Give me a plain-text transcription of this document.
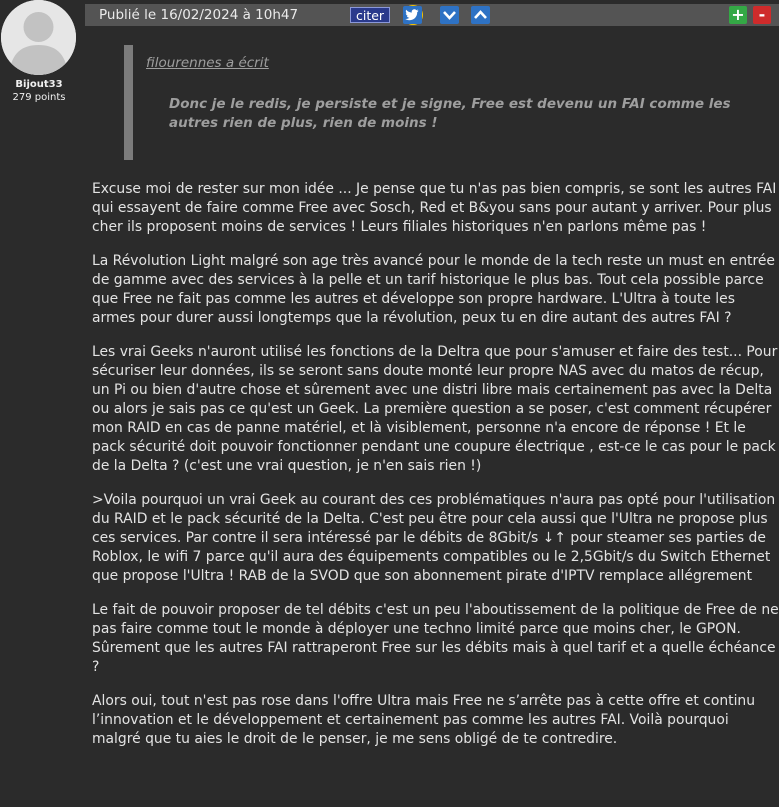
Bijout33
279 points
Publié le 16/02/2024 à 10h47	citer	+ -
filourennes a écrit
Donc je le redis, je persiste et je signe, Free est devenu un FAI comme les autres rien de plus, rien de moins !

Excuse moi de rester sur mon idée ... Je pense que tu n'as pas bien compris, se sont les autres FAI qui essayent de faire comme Free avec Sosch, Red et B&you sans pour autant y arriver. Pour plus cher ils proposent moins de services ! Leurs filiales historiques n'en parlons même pas !

La Révolution Light malgré son age très avancé pour le monde de la tech reste un must en entrée de gamme avec des services à la pelle et un tarif historique le plus bas. Tout cela possible parce que Free ne fait pas comme les autres et développe son propre hardware. L'Ultra à toute les armes pour durer aussi longtemps que la révolution, peux tu en dire autant des autres FAI ?

Les vrai Geeks n'auront utilisé les fonctions de la Deltra que pour s'amuser et faire des test... Pour sécuriser leur données, ils se seront sans doute monté leur propre NAS avec du matos de récup, un Pi ou bien d'autre chose et sûrement avec une distri libre mais certainement pas avec la Delta ou alors je sais pas ce qu'est un Geek. La première question a se poser, c'est comment récupérer mon RAID en cas de panne matériel, et là visiblement, personne n'a encore de réponse ! Et le pack sécurité doit pouvoir fonctionner pendant une coupure électrique , est-ce le cas pour le pack de la Delta ? (c'est une vrai question, je n'en sais rien !)

>Voila pourquoi un vrai Geek au courant des ces problématiques n'aura pas opté pour l'utilisation du RAID et le pack sécurité de la Delta. C'est peu être pour cela aussi que l'Ultra ne propose plus ces services. Par contre il sera intéressé par le débits de 8Gbit/s ↓↑ pour steamer ses parties de Roblox, le wifi 7 parce qu'il aura des équipements compatibles ou le 2,5Gbit/s du Switch Ethernet que propose l'Ultra ! RAB de la SVOD que son abonnement pirate d'IPTV remplace allégrement

Le fait de pouvoir proposer de tel débits c'est un peu l'aboutissement de la politique de Free de ne pas faire comme tout le monde à déployer une techno limité parce que moins cher, le GPON. Sûrement que les autres FAI rattraperont Free sur les débits mais à quel tarif et a quelle échéance ?

Alors oui, tout n'est pas rose dans l'offre Ultra mais Free ne s’arrête pas à cette offre et continu l’innovation et le développement et certainement pas comme les autres FAI. Voilà pourquoi malgré que tu aies le droit de le penser, je me sens obligé de te contredire.
